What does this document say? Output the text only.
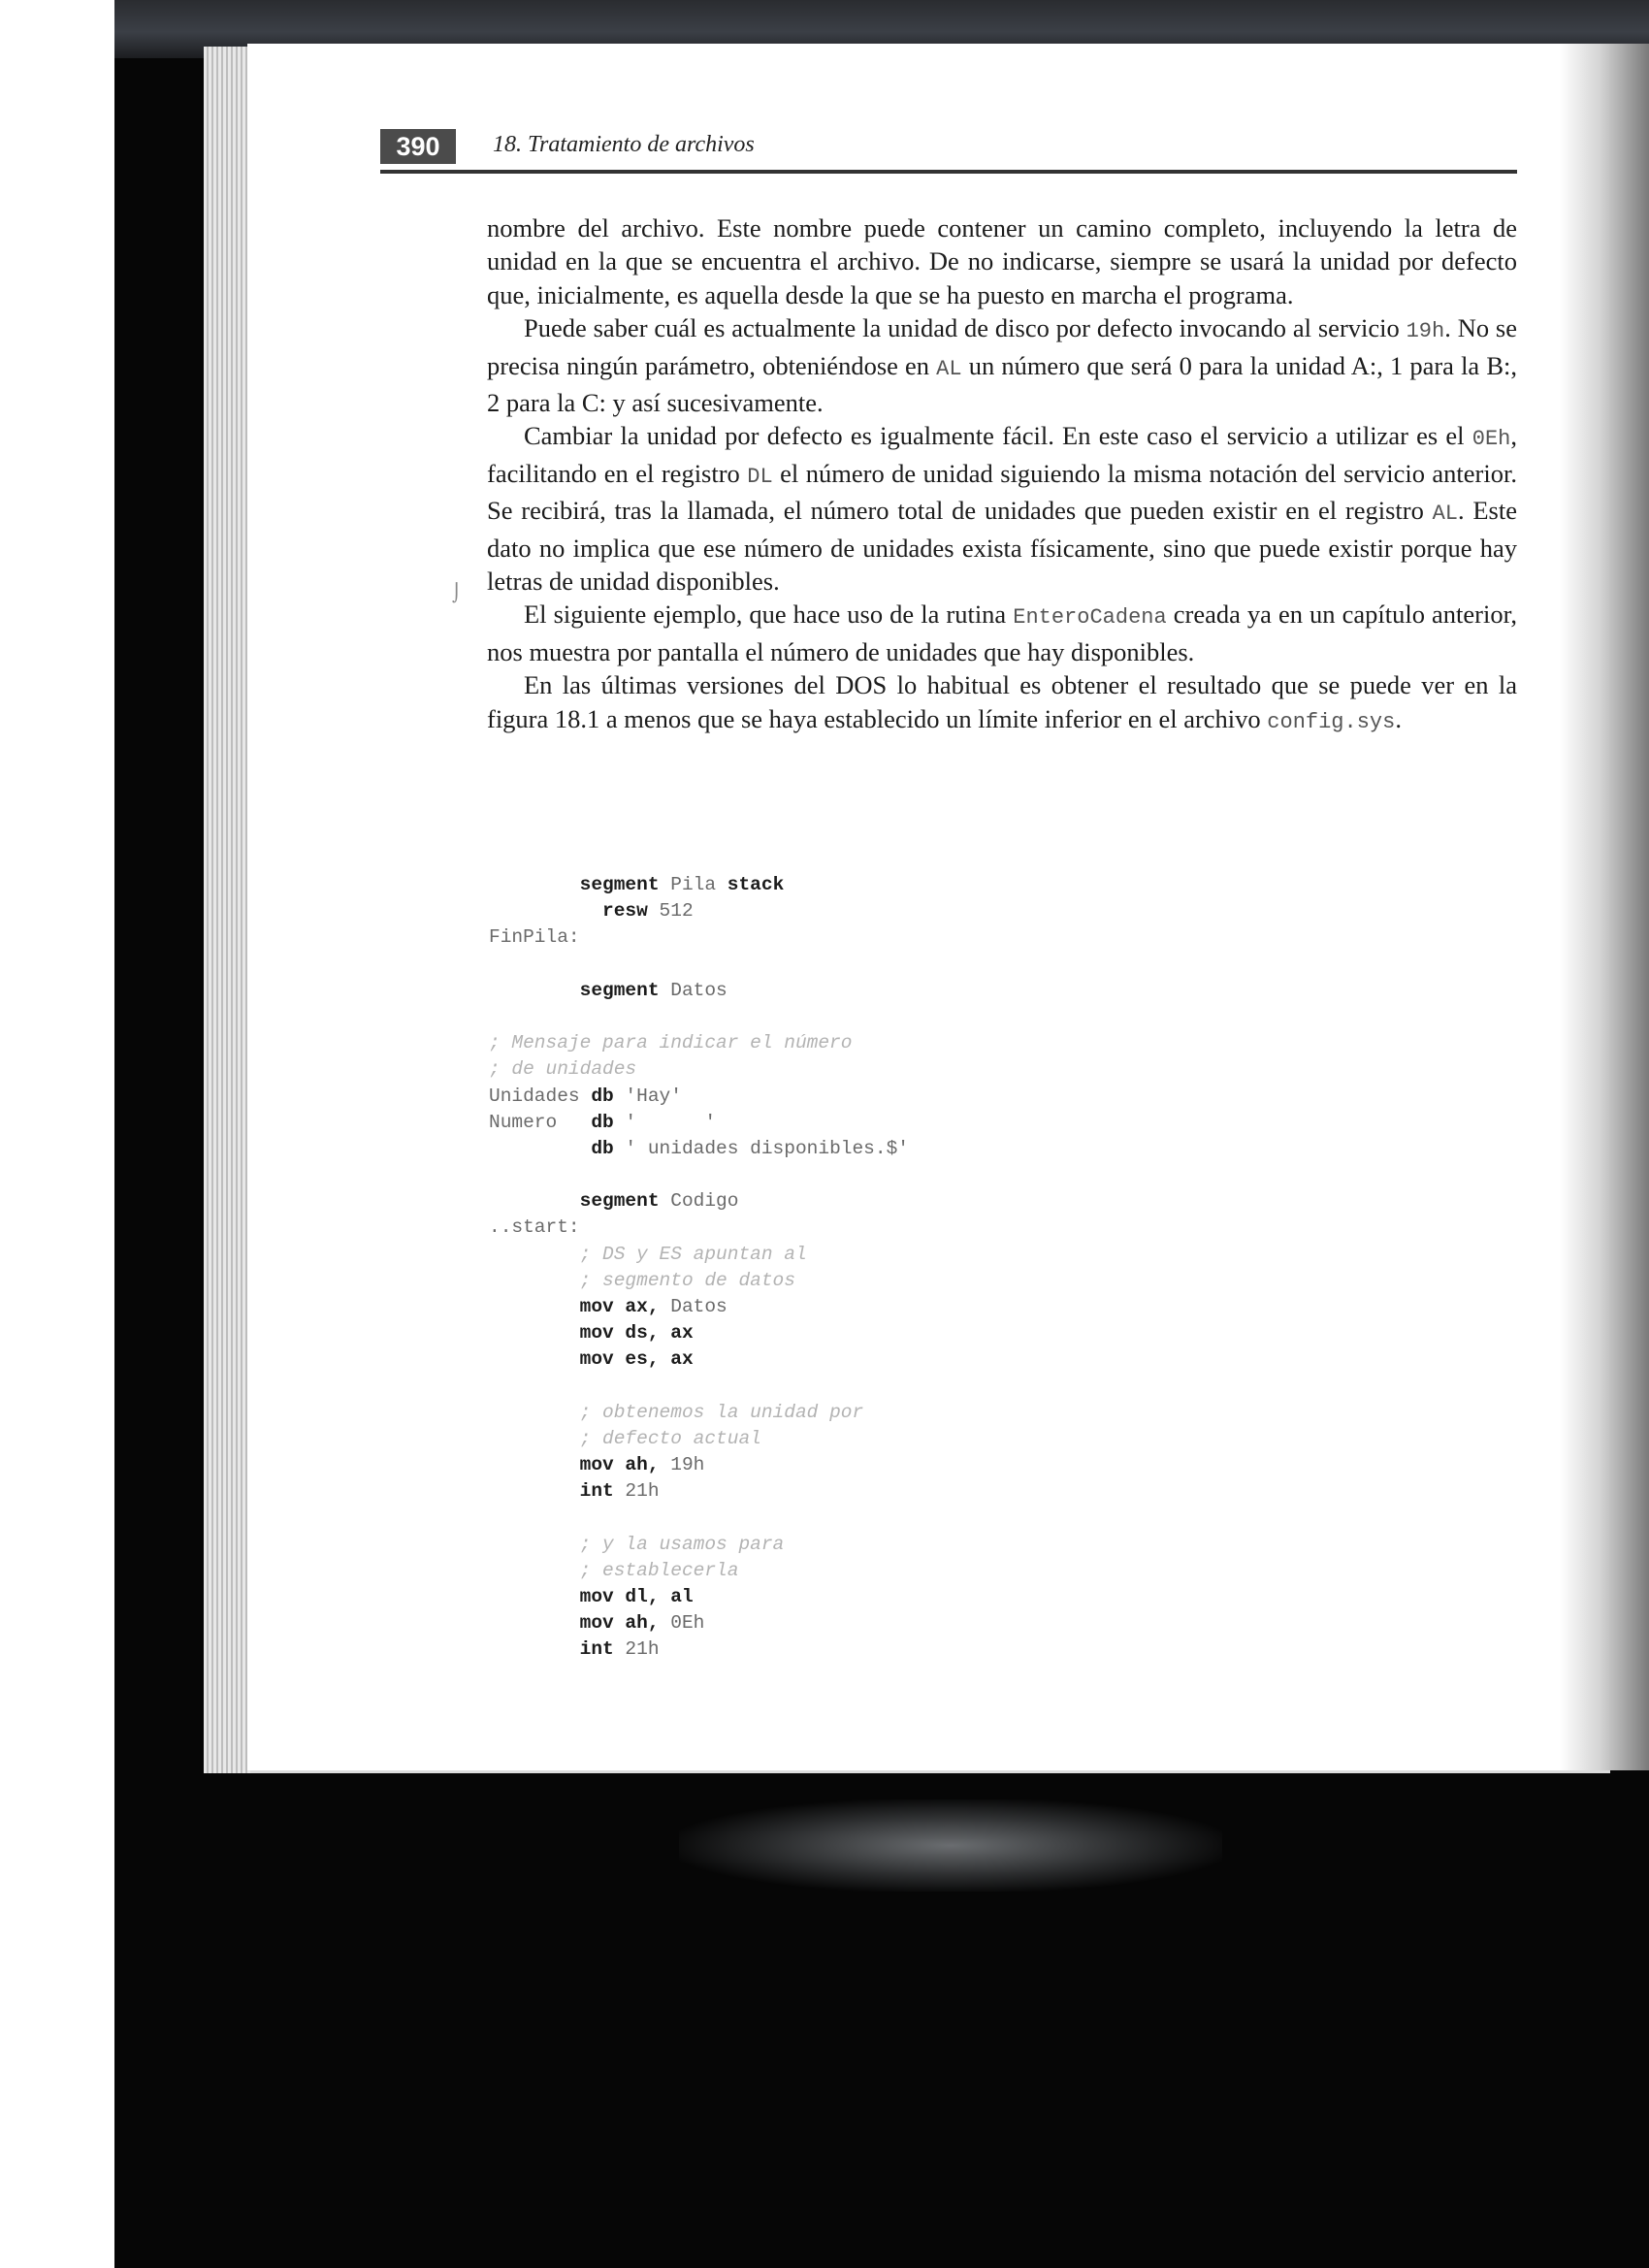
390	18. Tratamiento de archivos
⌡

nombre del archivo. Este nombre puede contener un camino completo, incluyendo la letra de unidad en la que se encuentra el archivo. De no indicarse, siempre se usará la unidad por defecto que, inicialmente, es aquella desde la que se ha puesto en marcha el programa.

Puede saber cuál es actualmente la unidad de disco por defecto invocando al servicio 19h. No se precisa ningún parámetro, obteniéndose en AL un número que será 0 para la unidad A:, 1 para la B:, 2 para la C: y así sucesivamente.

Cambiar la unidad por defecto es igualmente fácil. En este caso el servicio a utilizar es el 0Eh, facilitando en el registro DL el número de unidad siguiendo la misma notación del servicio anterior. Se recibirá, tras la llamada, el número total de unidades que pueden existir en el registro AL. Este dato no implica que ese número de unidades exista físicamente, sino que puede existir porque hay letras de unidad disponibles.

El siguiente ejemplo, que hace uso de la rutina EnteroCadena creada ya en un capítulo anterior, nos muestra por pantalla el número de unidades que hay disponibles.

En las últimas versiones del DOS lo habitual es obtener el resultado que se puede ver en la figura 18.1 a menos que se haya establecido un límite inferior en el archivo config.sys.

segment Pila stack
resw 512
FinPila:
segment Datos
; Mensaje para indicar el número
; de unidades
Unidades db 'Hay'
Numero   db '      '
db ' unidades disponibles.$'
segment Codigo
..start:
; DS y ES apuntan al
; segmento de datos
mov ax, Datos
mov ds, ax
mov es, ax
; obtenemos la unidad por
; defecto actual
mov ah, 19h
int 21h
; y la usamos para
; establecerla
mov dl, al
mov ah, 0Eh
int 21h
